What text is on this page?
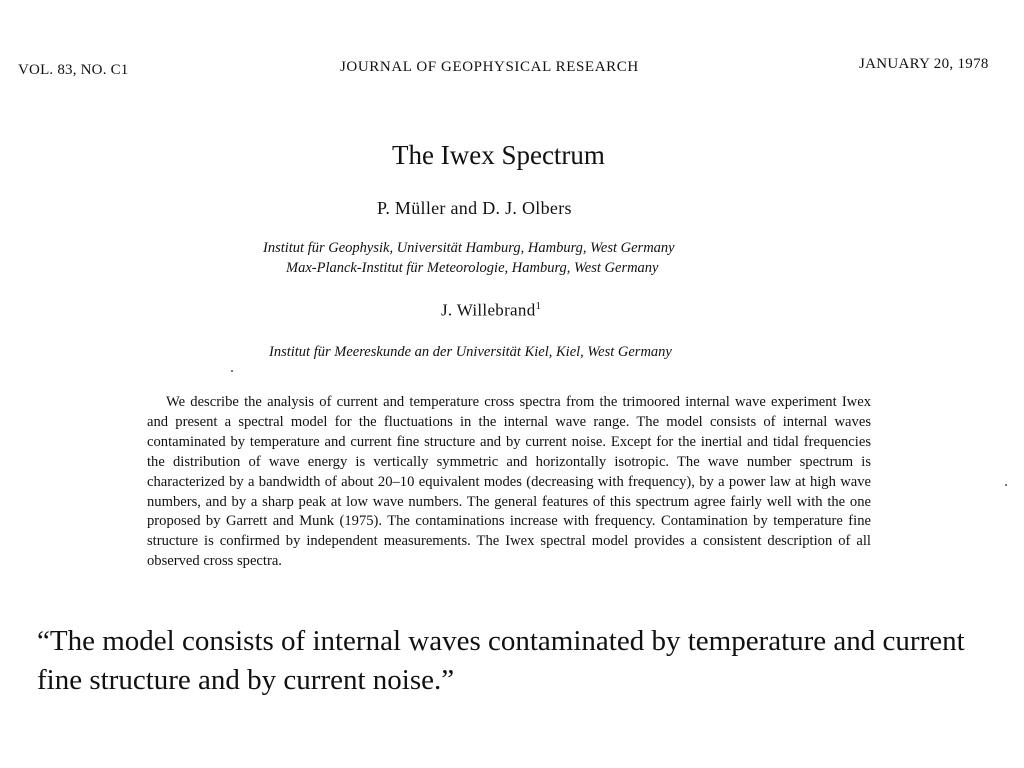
VOL. 83, NO. C1	JOURNAL OF GEOPHYSICAL RESEARCH	JANUARY 20, 1978
The Iwex Spectrum
P. Müller and D. J. Olbers
Institut für Geophysik, Universität Hamburg, Hamburg, West Germany
Max-Planck-Institut für Meteorologie, Hamburg, West Germany
J. Willebrand$^1$
Institut für Meereskunde an der Universität Kiel, Kiel, West Germany

We describe the analysis of current and temperature cross spectra from the trimoored internal wave experiment Iwex and present a spectral model for the fluctuations in the internal wave range. The model consists of internal waves contaminated by temperature and current fine structure and by current noise. Except for the inertial and tidal frequencies the distribution of wave energy is vertically symmetric and horizontally isotropic. The wave number spectrum is characterized by a bandwidth of about 20–10 equivalent modes (decreasing with frequency), by a power law at high wave numbers, and by a sharp peak at low wave numbers. The general features of this spectrum agree fairly well with the one proposed by Garrett and Munk (1975). The contaminations increase with frequency. Contamination by temperature fine structure is confirmed by independent measurements. The Iwex spectral model provides a consistent description of all observed cross spectra.

“The model consists of internal waves contaminated by temperature and current fine structure and by current noise.”
